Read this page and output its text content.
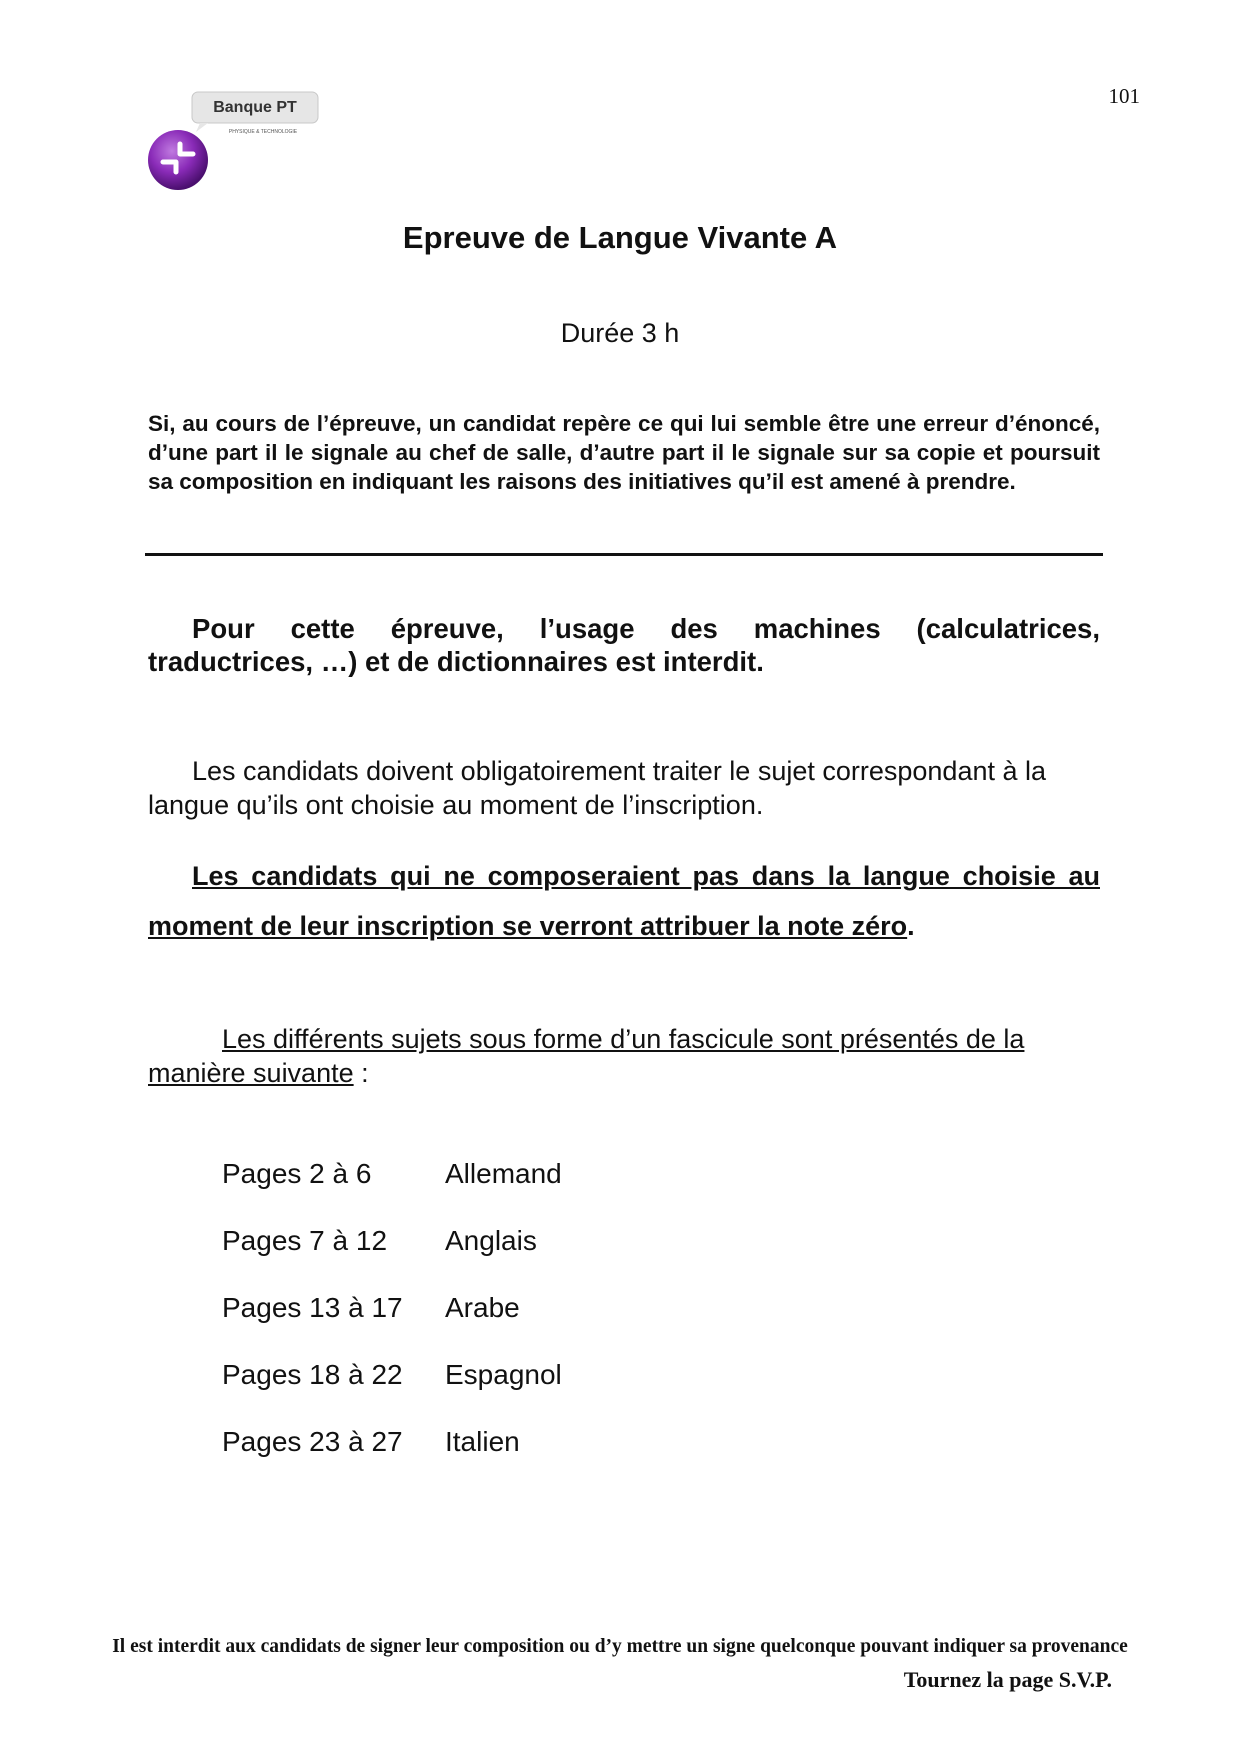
101
Banque PT
PHYSIQUE & TECHNOLOGIE
Epreuve de Langue Vivante A
Durée 3 h
Si, au cours de l’épreuve, un candidat repère ce qui lui semble être une erreur d’énoncé, d’une part il le signale au chef de salle, d’autre part il le signale sur sa copie et poursuit sa composition en indiquant les raisons des initiatives qu’il est amené à prendre.
Pour cette épreuve, l’usage des machines (calculatrices, traductrices, …) et de dictionnaires est interdit.
Les candidats doivent obligatoirement traiter le sujet correspondant à la langue qu’ils ont choisie au moment de l’inscription.
Les candidats qui ne composeraient pas dans la langue choisie au moment de leur inscription se verront attribuer la note zéro.
Les différents sujets sous forme d’un fascicule sont présentés de la manière suivante :
Pages 2 à 6	Allemand
Pages 7 à 12	Anglais
Pages 13 à 17	Arabe
Pages 18 à 22	Espagnol
Pages 23 à 27	Italien
Il est interdit aux candidats de signer leur composition ou d’y mettre un signe quelconque pouvant indiquer sa provenance
Tournez la page S.V.P.
